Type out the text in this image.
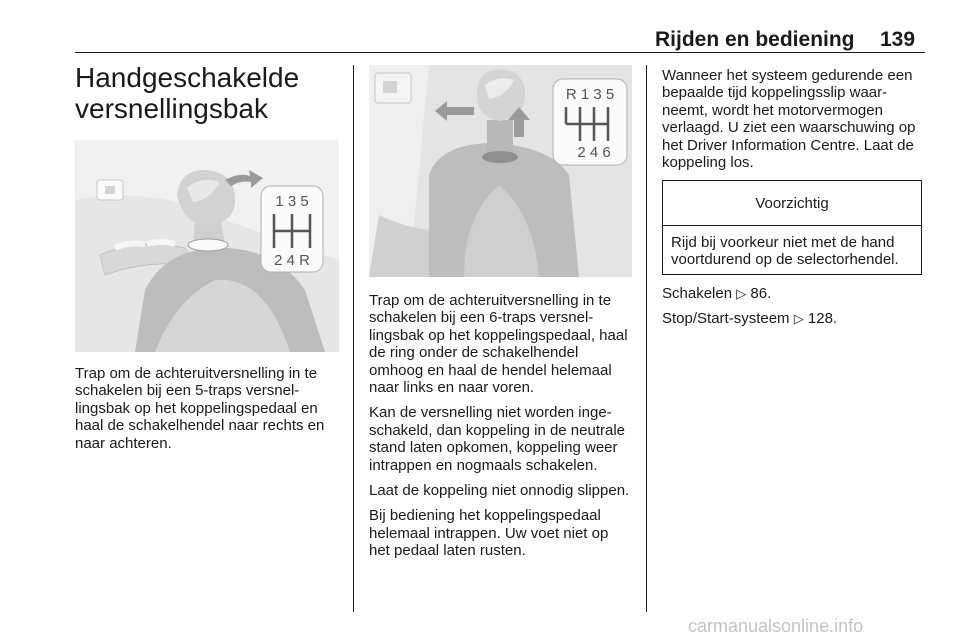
Rijden en bediening 139
Handgeschakelde versnellingsbak
1 3 5
2 4 R
R 1 3 5
2 4 6

Trap om de achteruitversnelling in te schakelen bij een 5-traps versnellingsbak op het koppelingspedaal en haal de schakelhendel naar rechts en naar achteren.

Trap om de achteruitversnelling in te schakelen bij een 6-traps versnellingsbak op het koppelingspedaal, haal de ring onder de schakelhendel omhoog en haal de hendel helemaal naar links en naar voren.

Kan de versnelling niet worden ingeschakeld, dan koppeling in de neutrale stand laten opkomen, koppeling weer intrappen en nogmaals schakelen.

Laat de koppeling niet onnodig slippen.

Bij bediening het koppelingspedaal helemaal intrappen. Uw voet niet op het pedaal laten rusten.

Wanneer het systeem gedurende een bepaalde tijd koppelingsslip waarneemt, wordt het motorvermogen verlaagd. U ziet een waarschuwing op het Driver Information Centre. Laat de koppeling los.

Voorzichtig
Rijd bij voorkeur niet met de hand voortdurend op de selectorhendel.

Schakelen ▷ 86.

Stop/Start-systeem ▷ 128.

carmanualsonline.info
